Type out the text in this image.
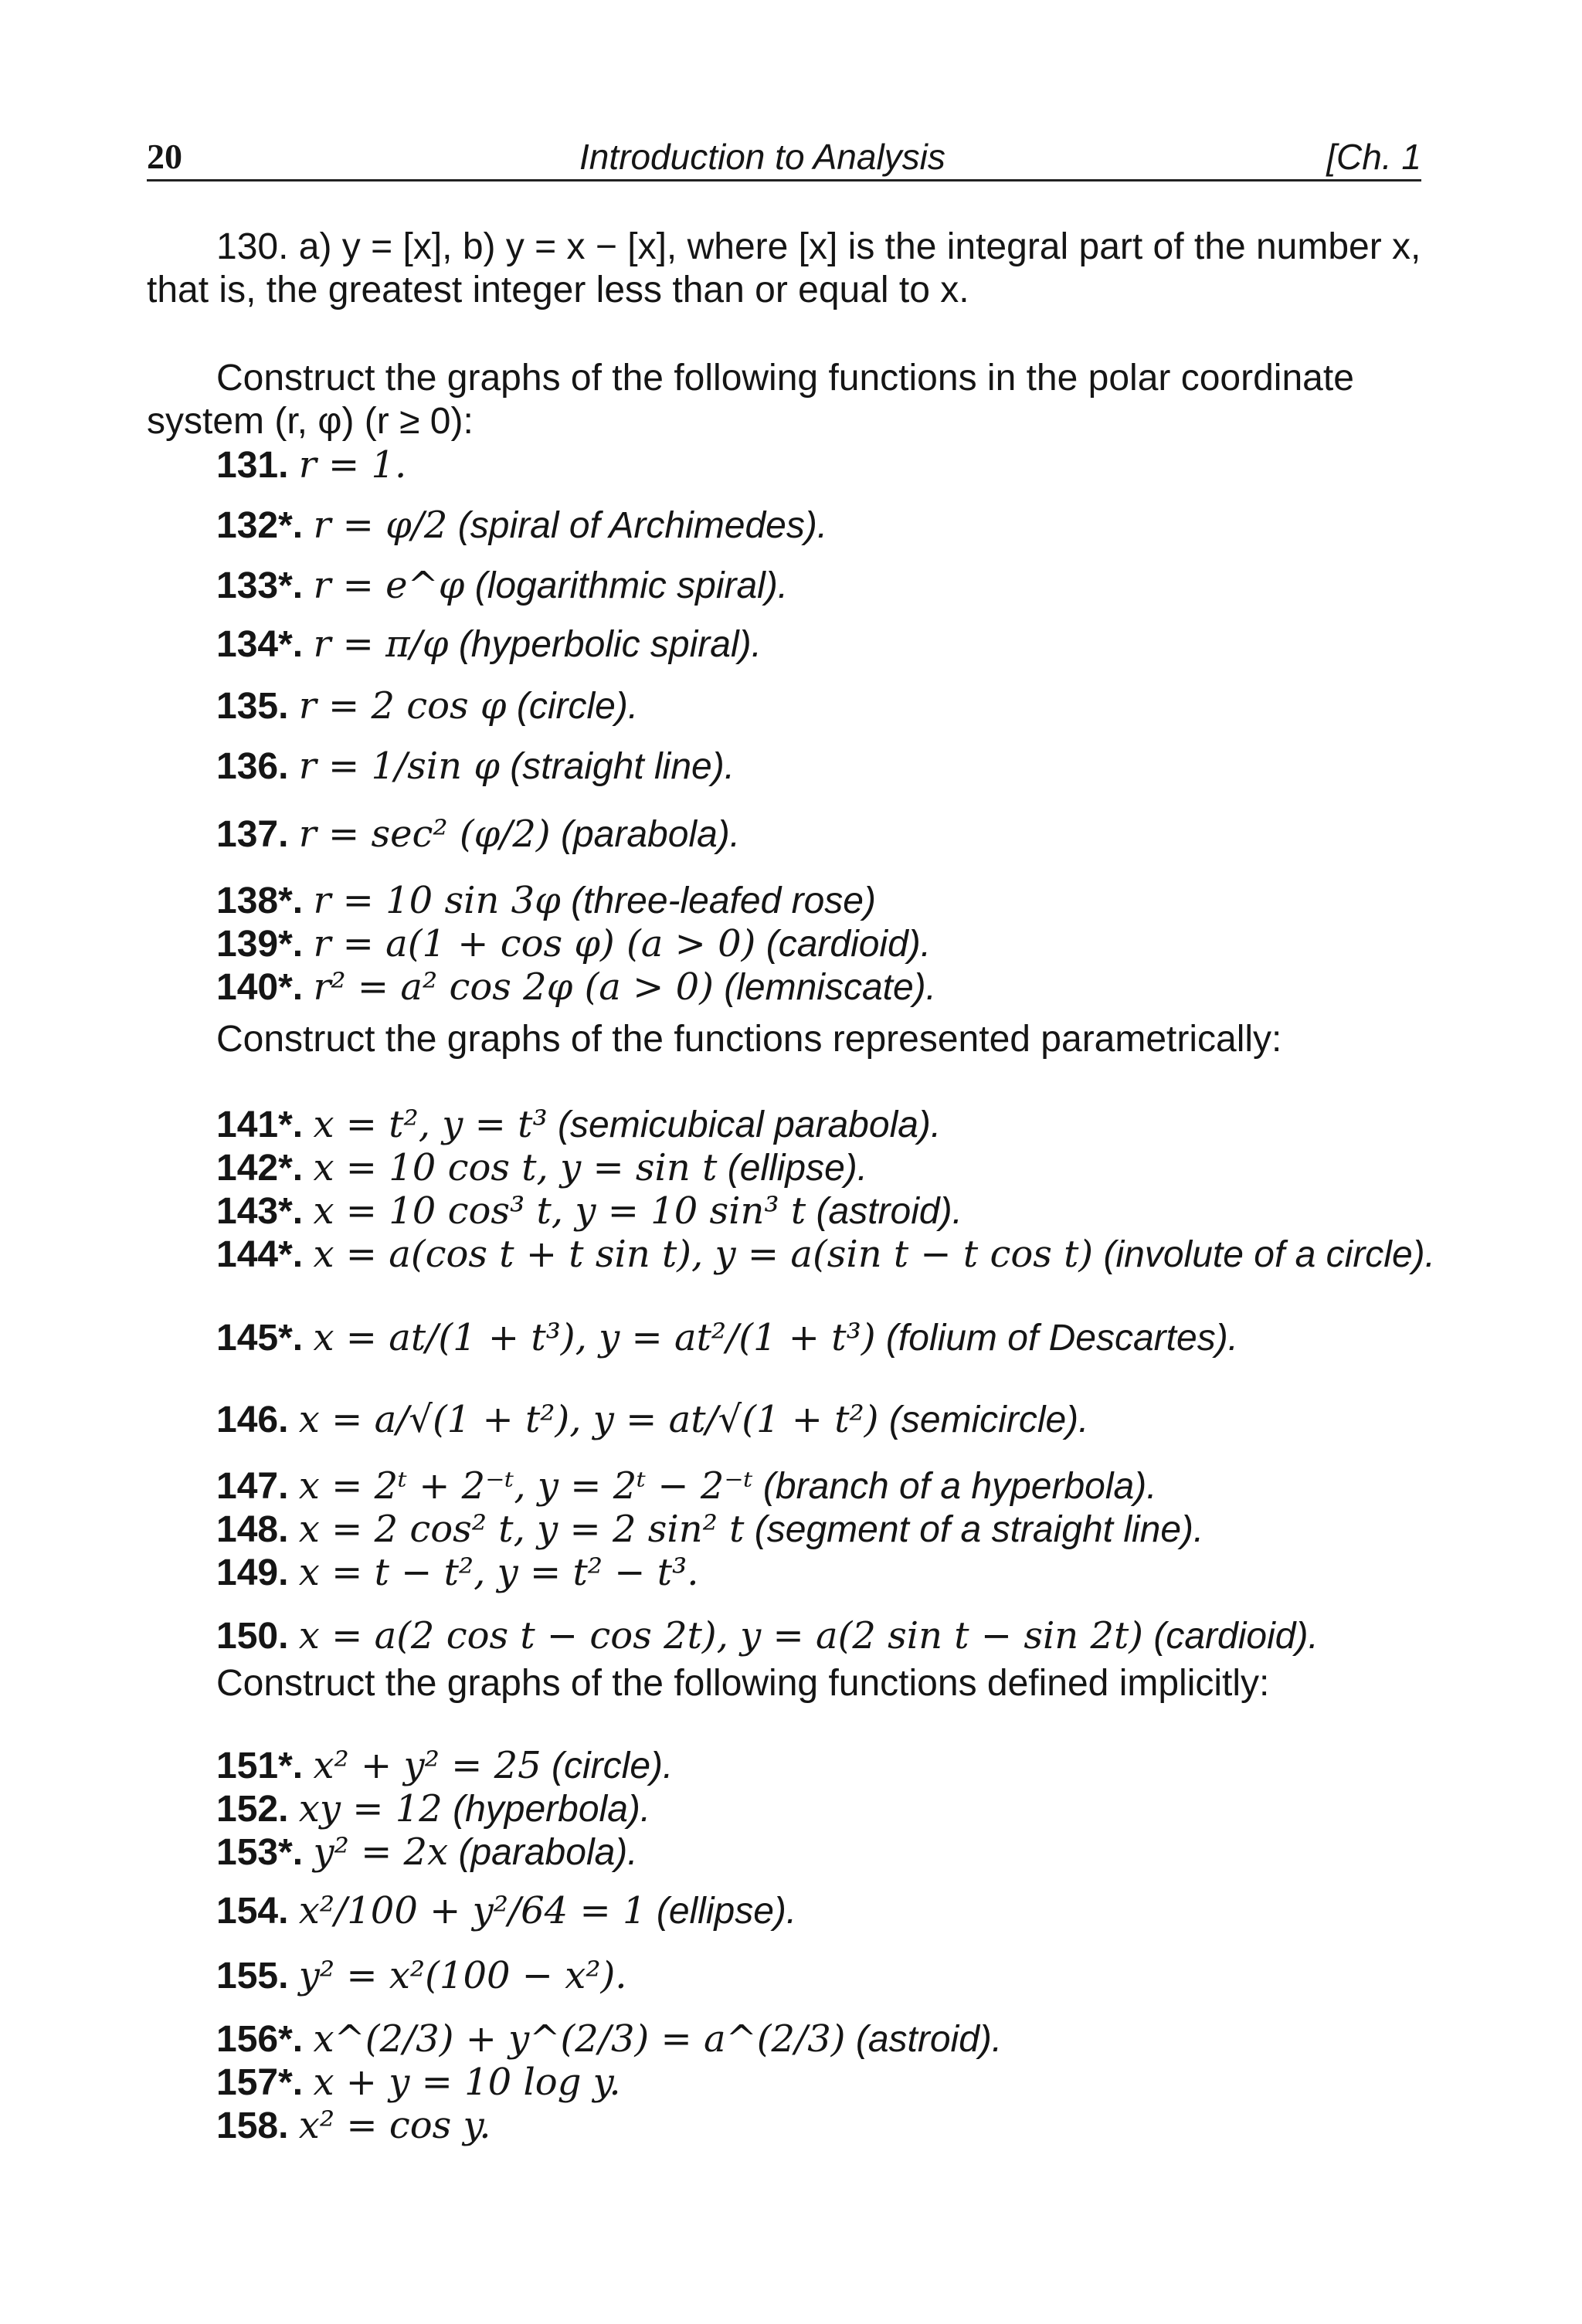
20	Introduction to Analysis	[Ch. 1
130. a) y = [x], b) y = x − [x], where [x] is the integral part of the number x, that is, the greatest integer less than or equal to x.
Construct the graphs of the following functions in the polar coordinate system (r, φ) (r ≥ 0):
131. r = 1.
132*. r = φ/2 (spiral of Archimedes).
133*. r = e^φ (logarithmic spiral).
134*. r = π/φ (hyperbolic spiral).
135. r = 2 cos φ (circle).
136. r = 1/sin φ (straight line).
137. r = sec² (φ/2) (parabola).
138*. r = 10 sin 3φ (three-leafed rose)
139*. r = a(1 + cos φ) (a > 0) (cardioid).
140*. r² = a² cos 2φ (a > 0) (lemniscate).
Construct the graphs of the functions represented parametrically:
141*. x = t², y = t³ (semicubical parabola).
142*. x = 10 cos t, y = sin t (ellipse).
143*. x = 10 cos³ t, y = 10 sin³ t (astroid).
144*. x = a(cos t + t sin t), y = a(sin t − t cos t) (involute of a circle).
145*. x = at/(1 + t³), y = at²/(1 + t³) (folium of Descartes).
146. x = a/√(1 + t²), y = at/√(1 + t²) (semicircle).
147. x = 2ᵗ + 2⁻ᵗ, y = 2ᵗ − 2⁻ᵗ (branch of a hyperbola).
148. x = 2 cos² t, y = 2 sin² t (segment of a straight line).
149. x = t − t², y = t² − t³.
150. x = a(2 cos t − cos 2t), y = a(2 sin t − sin 2t) (cardioid).
Construct the graphs of the following functions defined implicitly:
151*. x² + y² = 25 (circle).
152. xy = 12 (hyperbola).
153*. y² = 2x (parabola).
154. x²/100 + y²/64 = 1 (ellipse).
155. y² = x²(100 − x²).
156*. x^(2/3) + y^(2/3) = a^(2/3) (astroid).
157*. x + y = 10 log y.
158. x² = cos y.
